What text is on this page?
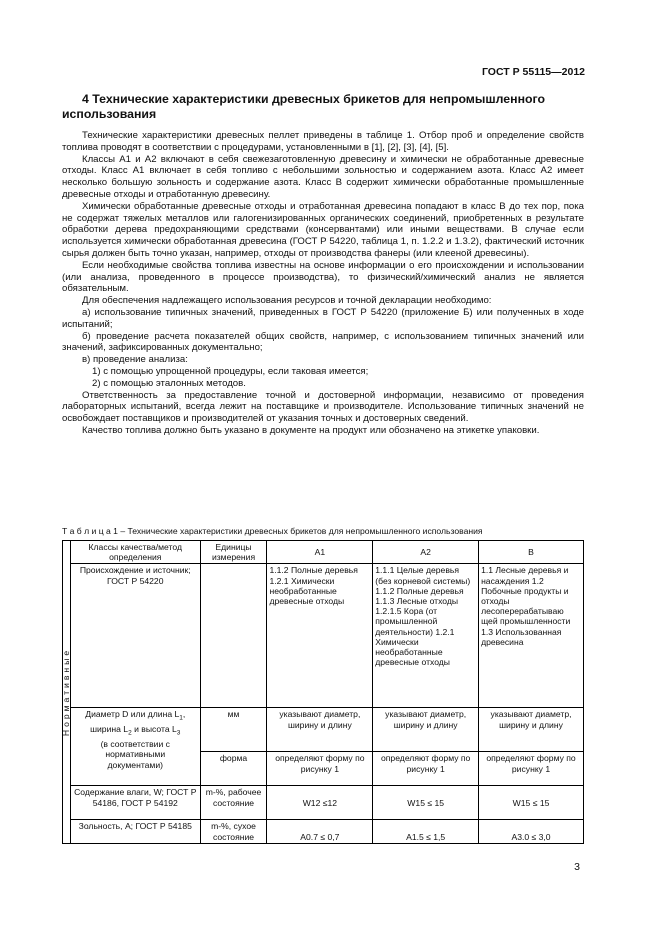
ГОСТ Р 55115—2012
4 Технические характеристики древесных брикетов для непромышленного использования

Технические характеристики древесных пеллет приведены в таблице 1. Отбор проб и определение свойств топлива проводят в соответствии с процедурами, установленными в [1], [2], [3], [4], [5].

Классы А1 и А2 включают в себя свежезаготовленную древесину и химически не обработанные древесные отходы. Класс А1 включает в себя топливо с небольшими зольностью и содержанием азота. Класс А2 имеет несколько большую зольность и содержание азота. Класс В содержит химически обработанные промышленные древесные отходы и отработанную древесину.

Химически обработанные древесные отходы и отработанная древесина попадают в класс В до тех пор, пока не содержат тяжелых металлов или галогенизированных органических соединений, приобретенных в результате обработки дерева предохраняющими средствами (консервантами) или иными веществами. В случае если используется химически обработанная древесина (ГОСТ Р 54220, таблица 1, п. 1.2.2 и 1.3.2), фактический источник сырья должен быть точно указан, например, отходы от производства фанеры (или клееной древесины).

Если необходимые свойства топлива известны на основе информации о его происхождении и использовании (или анализа, проведенного в процессе производства), то физический/химический анализ не является обязательным.

Для обеспечения надлежащего использования ресурсов и точной декларации необходимо:

а) использование типичных значений, приведенных в ГОСТ Р 54220 (приложение Б) или полученных в ходе испытаний;

б) проведение расчета показателей общих свойств, например, с использованием типичных значений или значений, зафиксированных документально;

в) проведение анализа:

1) с помощью упрощенной процедуры, если таковая имеется;

2) с помощью эталонных методов.

Ответственность за предоставление точной и достоверной информации, независимо от проведения лабораторных испытаний, всегда лежит на поставщике и производителе. Использование типичных значений не освобождает поставщиков и производителей от указания точных и достоверных сведений.

Качество топлива должно быть указано в документе на продукт или обозначено на этикетке упаковки.

Т а б л и ц а 1 – Технические характеристики древесных брикетов для непромышленного использования
Нормативные	Классы качества/метод определения	Единицы измерения	А1	А2	В
	Происхождение и источник; ГОСТ Р 54220		1.1.2 Полные деревья 1.2.1 Химически необработанные древесные отходы	1.1.1 Целые деревья (без корневой системы) 1.1.2 Полные деревья 1.1.3 Лесные отходы 1.2.1.5 Кора (от промышленной деятельности) 1.2.1 Химически необработанные древесные отходы	1.1 Лесные деревья и насаждения 1.2 Побочные продукты и отходы лесоперерабатываю щей промышленности 1.3 Использованная древесина
	Диаметр D или длина $L_1$,
ширина $L_2$ и высота $L_3$
(в соответствии с
нормативными
документами)	мм	указывают диаметр, ширину и длину	указывают диаметр, ширину и длину	указывают диаметр, ширину и длину
		форма	определяют форму по рисунку 1	определяют форму по рисунку 1	определяют форму по рисунку 1
	Содержание влаги, W; ГОСТ Р 54186, ГОСТ Р 54192	m-%, рабочее состояние	W12 ≤12	W15 ≤ 15	W15 ≤ 15
	Зольность, A; ГОСТ Р 54185	m-%, сухое состояние	A0.7 ≤ 0,7	A1.5 ≤ 1,5	A3.0 ≤ 3,0
3
